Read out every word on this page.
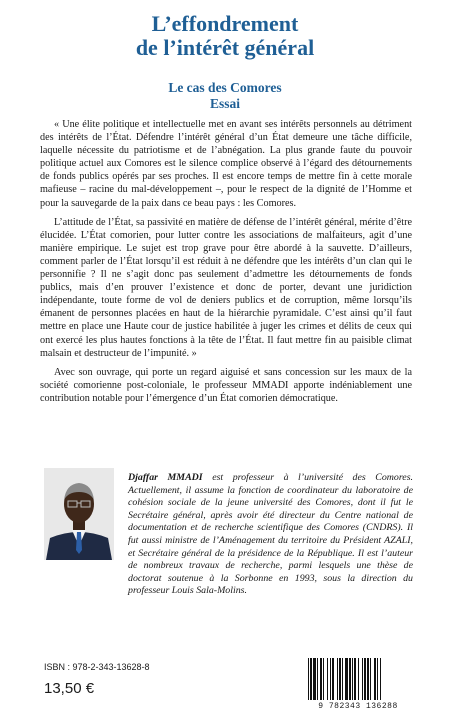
L’effondrement
de l’intérêt général
Le cas des Comores
Essai

« Une élite politique et intellectuelle met en avant ses intérêts personnels au détriment des intérêts de l’État. Défendre l’intérêt général d’un État demeure une tâche difficile, laquelle nécessite du patriotisme et de l’abnégation. La plus grande faute du pouvoir politique actuel aux Comores est le silence complice observé à l’égard des détournements de fonds publics opérés par ses proches. Il est encore temps de mettre fin à cette morale mafieuse – racine du mal-développement –, pour le respect de la dignité de l’Homme et pour la sauvegarde de la paix dans ce beau pays : les Comores.

L’attitude de l’État, sa passivité en matière de défense de l’intérêt général, mérite d’être élucidée. L’État comorien, pour lutter contre les associations de malfaiteurs, agit d’une manière empirique. Le sujet est trop grave pour être abordé à la sauvette. D’ailleurs, comment parler de l’État lorsqu’il est réduit à ne défendre que les intérêts d’un clan qui le personnifie ? Il ne s’agit donc pas seulement d’admettre les détournements de fonds publics, mais d’en prouver l’existence et donc de porter, devant une juridiction indépendante, toute forme de vol de deniers publics et de corruption, même lorsqu’ils émanent de personnes placées en haut de la hiérarchie pyramidale. C’est ainsi qu’il faut mettre en place une Haute cour de justice habilitée à juger les crimes et délits de ceux qui ont exercé les plus hautes fonctions à la tête de l’État. Il faut mettre fin au paisible climat malsain et destructeur de l’impunité. »

Avec son ouvrage, qui porte un regard aiguisé et sans concession sur les maux de la société comorienne post-coloniale, le professeur MMADI apporte indéniablement une contribution notable pour l’émergence d’un État comorien démocratique.

Djaffar MMADI est professeur à l’université des Comores. Actuellement, il assume la fonction de coordinateur du laboratoire de cohésion sociale de la jeune université des Comores, dont il fut le Secrétaire général, après avoir été directeur du Centre national de documentation et de recherche scientifique des Comores (CNDRS). Il fut aussi ministre de l’Aménagement du territoire du Président AZALI, et Secrétaire général de la présidence de la République. Il est l’auteur de nombreux travaux de recherche, parmi lesquels une thèse de doctorat soutenue à la Sorbonne en 1993, sous la direction du professeur Louis Sala-Molins.
ISBN : 978-2-343-13628-8
13,50 €
9 782343 136288
